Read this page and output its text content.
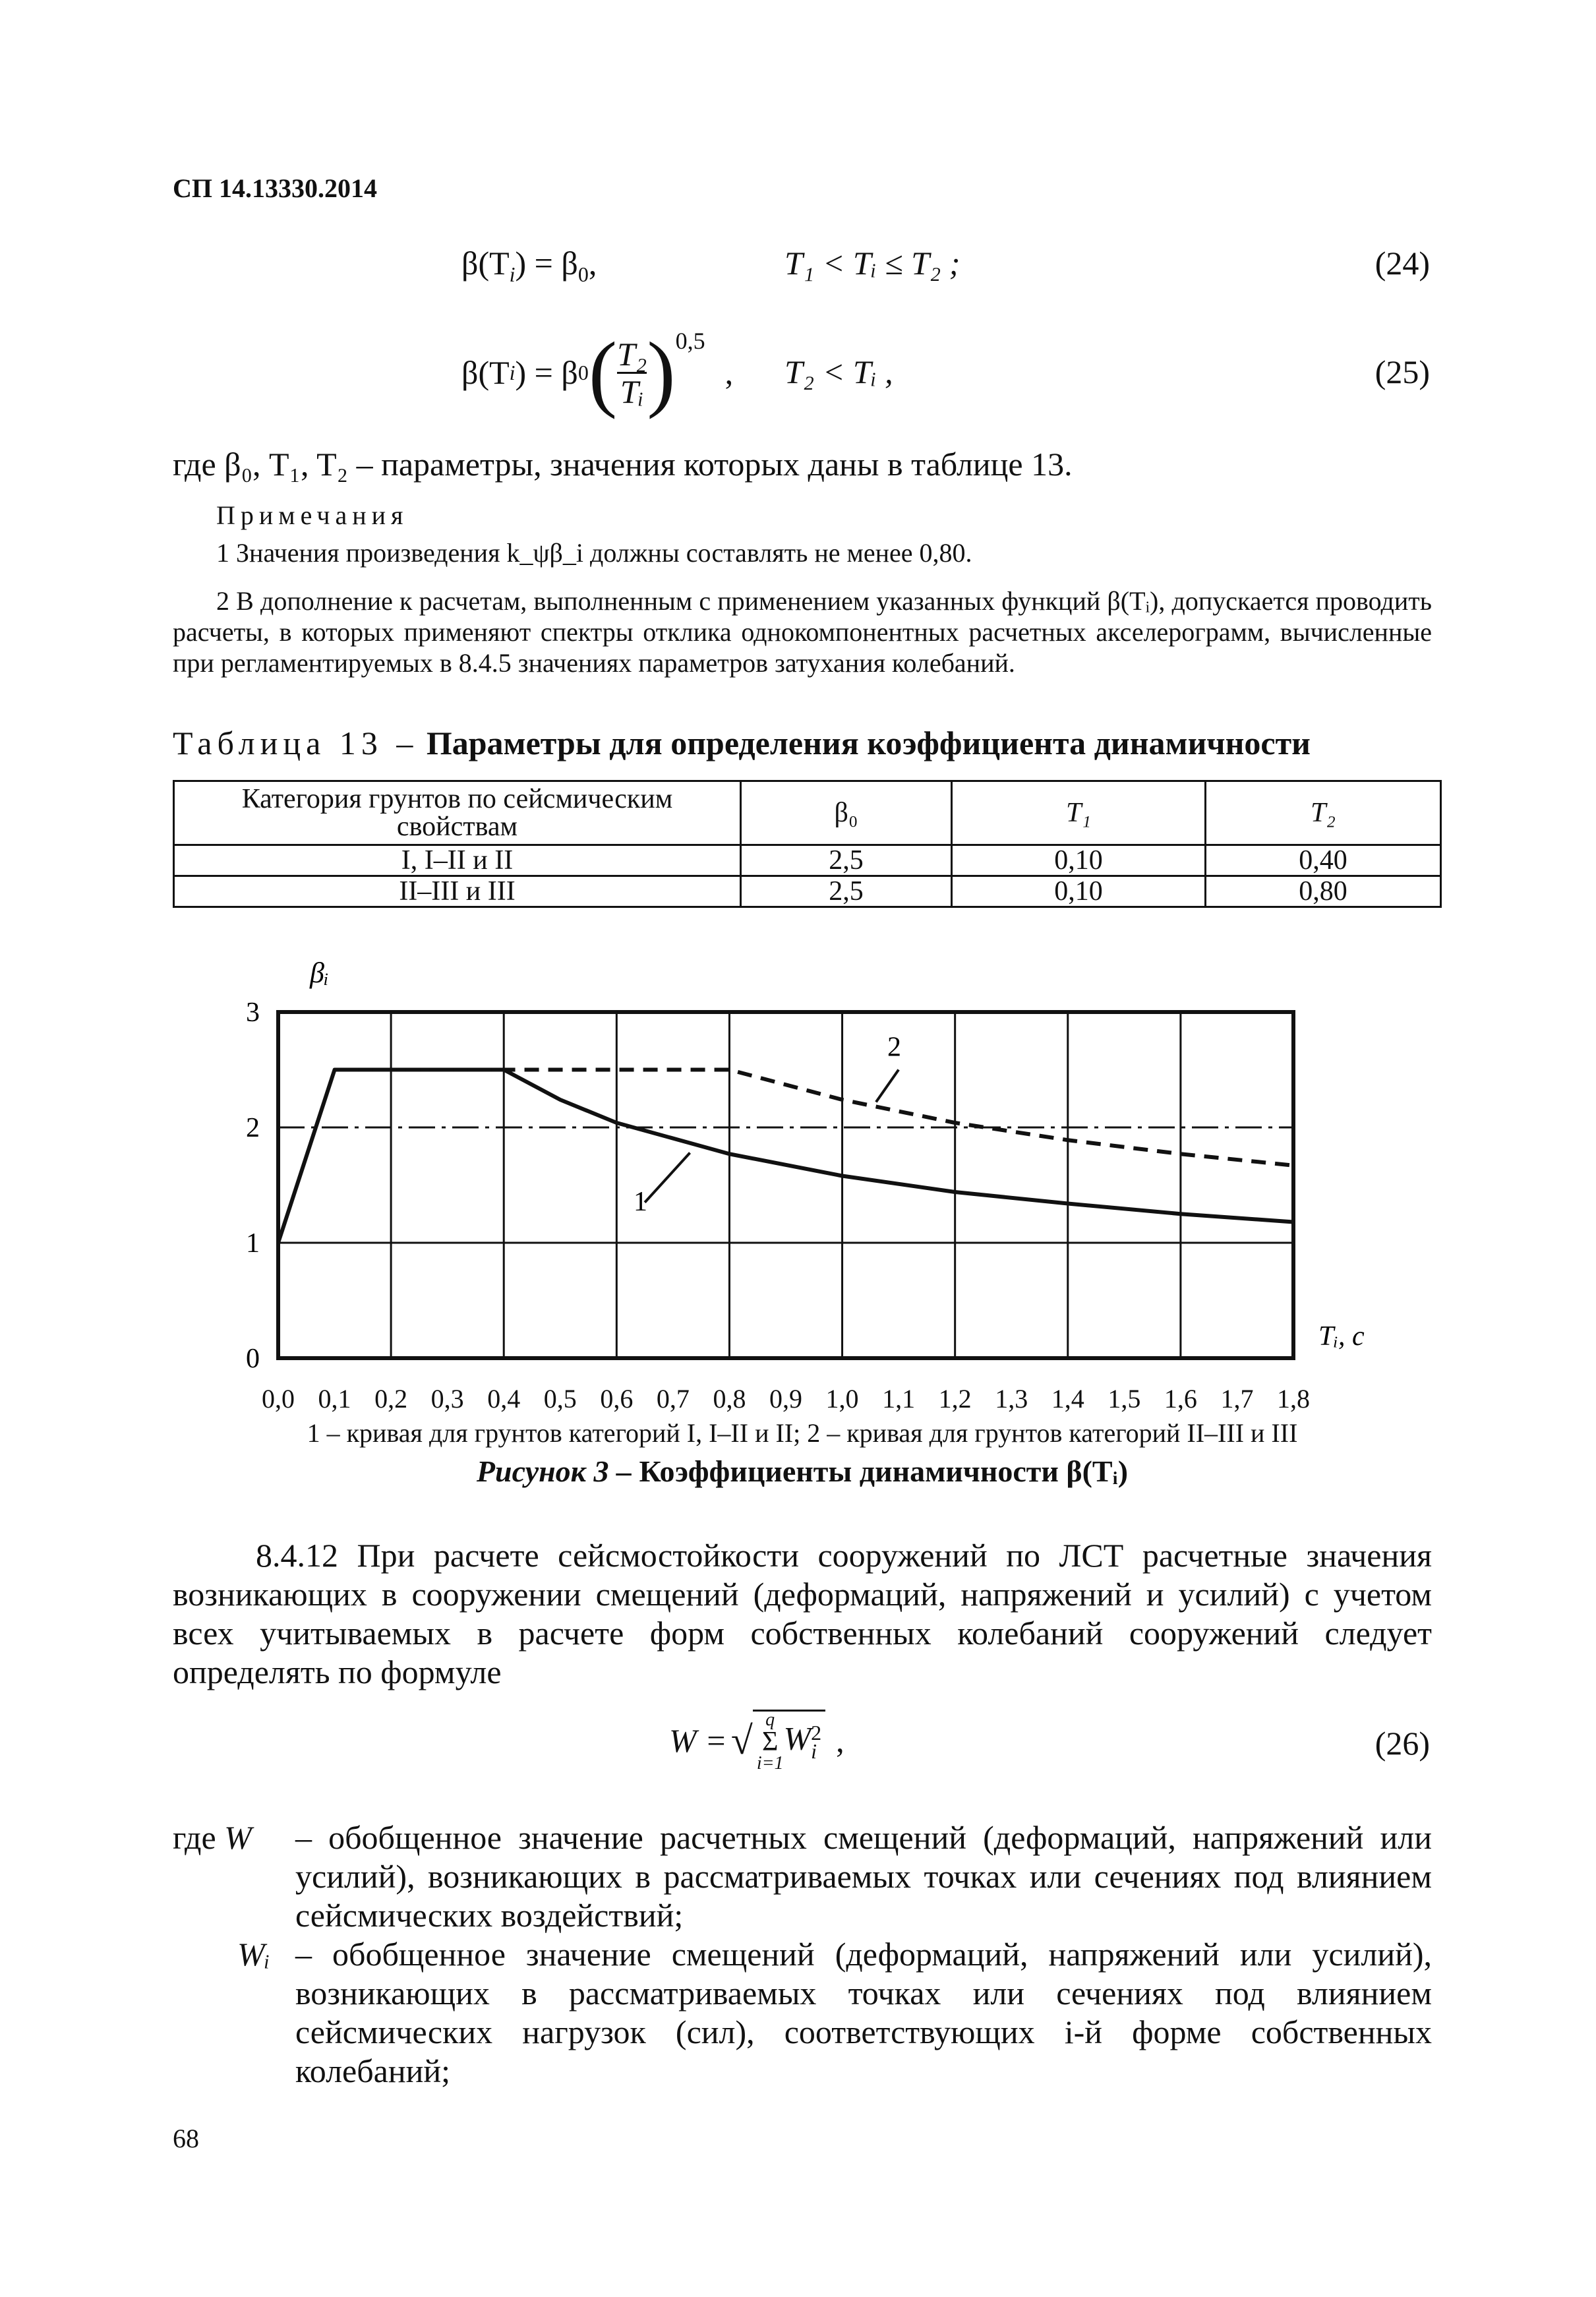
СП 14.13330.2014
$\beta(T_i) = \beta_0$,	T₁ < Tᵢ ≤ T₂ ;	(24)
β(T i ) = β 0 ( $\frac{\text{T₂}}{\text{Tᵢ}}$ ) 0,5
, T₂ < Tᵢ ,	(25)
где β₀, T₁, T₂ – параметры, значения которых даны в таблице 13.
Примечания
1 Значения произведения k_ψβ_i должны составлять не менее 0,80.
2 В дополнение к расчетам, выполненным с применением указанных функций β(Tᵢ), допускается проводить расчеты, в которых применяют спектры отклика однокомпонентных расчетных акселерограмм, вычисленные при регламентируемых в 8.4.5 значениях параметров затухания колебаний.
Таблица 13 – Параметры для определения коэффициента динамичности
Категория грунтов по сейсмическим свойствам	β₀	T₁	T₂
I, I–II и II	2,5	0,10	0,40
II–III и III	2,5	0,10	0,80
0
1
2
3
1
2
βᵢ
Tᵢ, с
0,0 0,1 0,2 0,3 0,4 0,5 0,6 0,7 0,8 0,9 1,0 1,1 1,2 1,3 1,4 1,5 1,6 1,7 1,8
1 – кривая для грунтов категорий I, I–II и II; 2 – кривая для грунтов категорий II–III и III
Рисунок 3 – Коэффициенты динамичности β(Tᵢ)
8.4.12 При расчете сейсмостойкости сооружений по ЛСТ расчетные значения возникающих в сооружении смещений (деформаций, напряжений и усилий) с учетом всех учитываемых в расчете форм собственных колебаний сооружений следует определять по формуле
W = √ q
Σ
i=1
W 2
i ,	(26)
где W – обобщенное значение расчетных смещений (деформаций, напряжений или усилий), возникающих в рассматриваемых точках или сечениях под влиянием сейсмических воздействий;
Wᵢ – обобщенное значение смещений (деформаций, напряжений или усилий), возникающих в рассматриваемых точках или сечениях под влиянием сейсмических нагрузок (сил), соответствующих i-й форме собственных колебаний;
68
